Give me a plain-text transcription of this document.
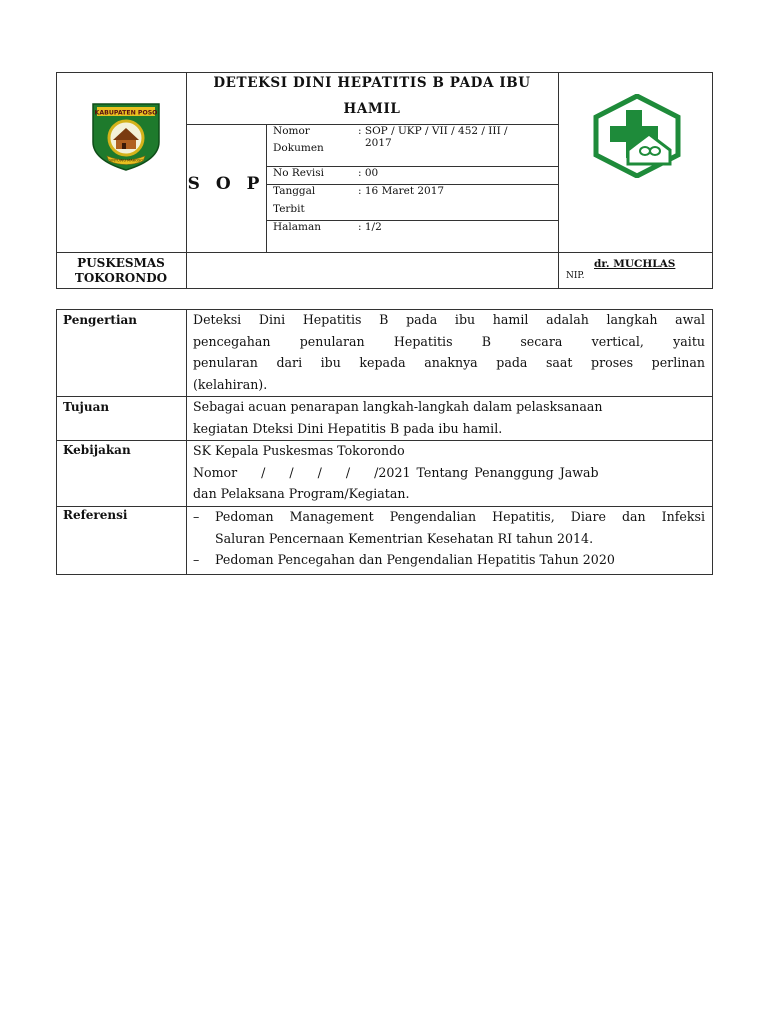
KABUPATEN POSO
SINTUWU MAROSO
DETEKSI DINI HEPATITIS B PADA IBU
HAMIL
S O P
Nomor
Dokumen
: SOP / UKP / VII / 452 / III /
2017
No Revisi	: 00
Tanggal
Terbit
: 16 Maret 2017
Halaman	: 1/2
PUSKESMAS
TOKORONDO
dr. MUCHLAS
NIP.
Pengertian	Deteksi Dini Hepatitis B pada ibu hamil adalah langkah awal
pencegahan penularan Hepatitis B secara vertical, yaitu
penularan dari ibu kepada anaknya pada saat proses perlinan
(kelahiran).
Tujuan	Sebagai acuan penarapan langkah-langkah dalam pelasksanaan
kegiatan Dteksi Dini Hepatitis B pada ibu hamil.
Kebijakan	SK Kepala Puskesmas Tokorondo
Nomor    /    /    /    /    /2021 Tentang Penanggung Jawab
dan Pelaksana Program/Kegiatan.
Referensi	– Pedoman Management Pengendalian Hepatitis, Diare dan Infeksi
Saluran Pencernaan Kementrian Kesehatan RI tahun 2014.
– Pedoman Pencegahan dan Pengendalian Hepatitis Tahun 2020
